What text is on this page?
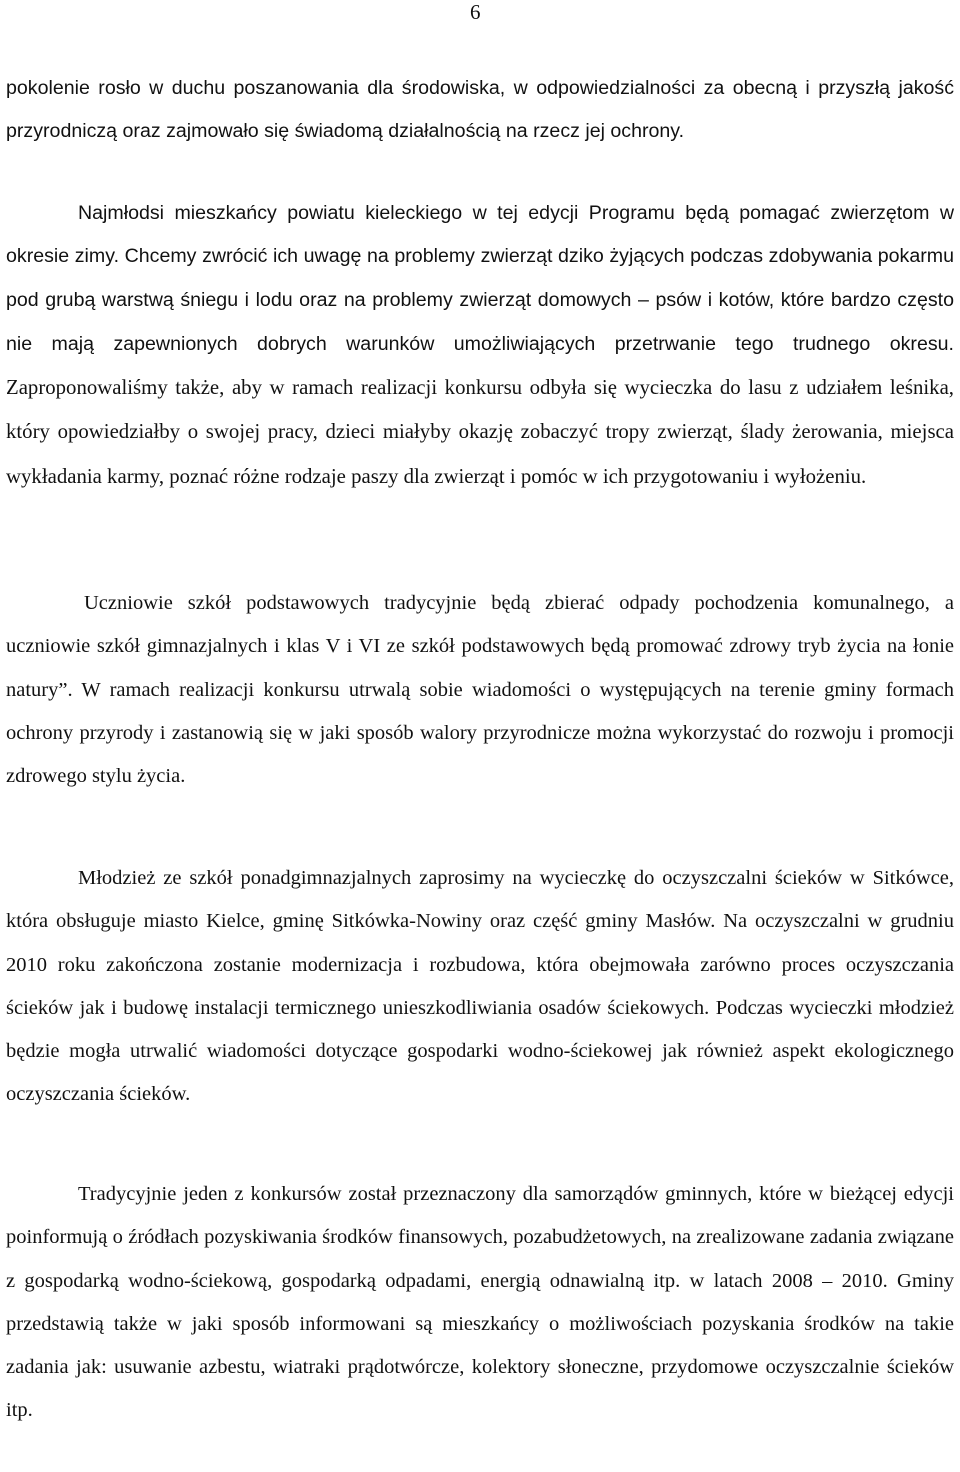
6

pokolenie rosło w duchu poszanowania dla środowiska, w odpowiedzialności za obecną i przyszłą jakość przyrodniczą oraz zajmowało się świadomą działalnością na rzecz jej ochrony.

Najmłodsi mieszkańcy powiatu kieleckiego w tej edycji Programu będą pomagać zwierzętom w okresie zimy. Chcemy zwrócić ich uwagę na problemy zwierząt dziko żyjących podczas zdobywania pokarmu pod grubą warstwą śniegu i lodu oraz na problemy zwierząt domowych – psów i kotów, które bardzo często nie mają zapewnionych dobrych warunków umożliwiających przetrwanie tego trudnego okresu. Zaproponowaliśmy także, aby w ramach realizacji konkursu odbyła się wycieczka do lasu z udziałem leśnika, który opowiedziałby o swojej pracy, dzieci miałyby okazję zobaczyć tropy zwierząt, ślady żerowania, miejsca wykładania karmy, poznać różne rodzaje paszy dla zwierząt i pomóc w ich przygotowaniu i wyłożeniu.

Uczniowie szkół podstawowych tradycyjnie będą zbierać odpady pochodzenia komunalnego, a uczniowie szkół gimnazjalnych i klas V i VI ze szkół podstawowych będą promować zdrowy tryb życia na łonie natury”. W ramach realizacji konkursu utrwalą sobie wiadomości o występujących na terenie gminy formach ochrony przyrody i zastanowią się w jaki sposób walory przyrodnicze można wykorzystać do rozwoju i promocji zdrowego stylu życia.

Młodzież ze szkół ponadgimnazjalnych zaprosimy na wycieczkę do oczyszczalni ścieków w Sitkówce, która obsługuje miasto Kielce, gminę Sitkówka-Nowiny oraz część gminy Masłów. Na oczyszczalni w grudniu 2010 roku zakończona zostanie modernizacja i rozbudowa, która obejmowała zarówno proces oczyszczania ścieków jak i budowę instalacji termicznego unieszkodliwiania osadów ściekowych. Podczas wycieczki młodzież będzie mogła utrwalić wiadomości dotyczące gospodarki wodno-ściekowej jak również aspekt ekologicznego oczyszczania ścieków.

Tradycyjnie jeden z konkursów został przeznaczony dla samorządów gminnych, które w bieżącej edycji poinformują o źródłach pozyskiwania środków finansowych, pozabudżetowych, na zrealizowane zadania związane z gospodarką wodno-ściekową, gospodarką odpadami, energią odnawialną itp. w latach 2008 – 2010. Gminy przedstawią także w jaki sposób informowani są mieszkańcy o możliwościach pozyskania środków na takie zadania jak: usuwanie azbestu, wiatraki prądotwórcze, kolektory słoneczne, przydomowe oczyszczalnie ścieków itp.
